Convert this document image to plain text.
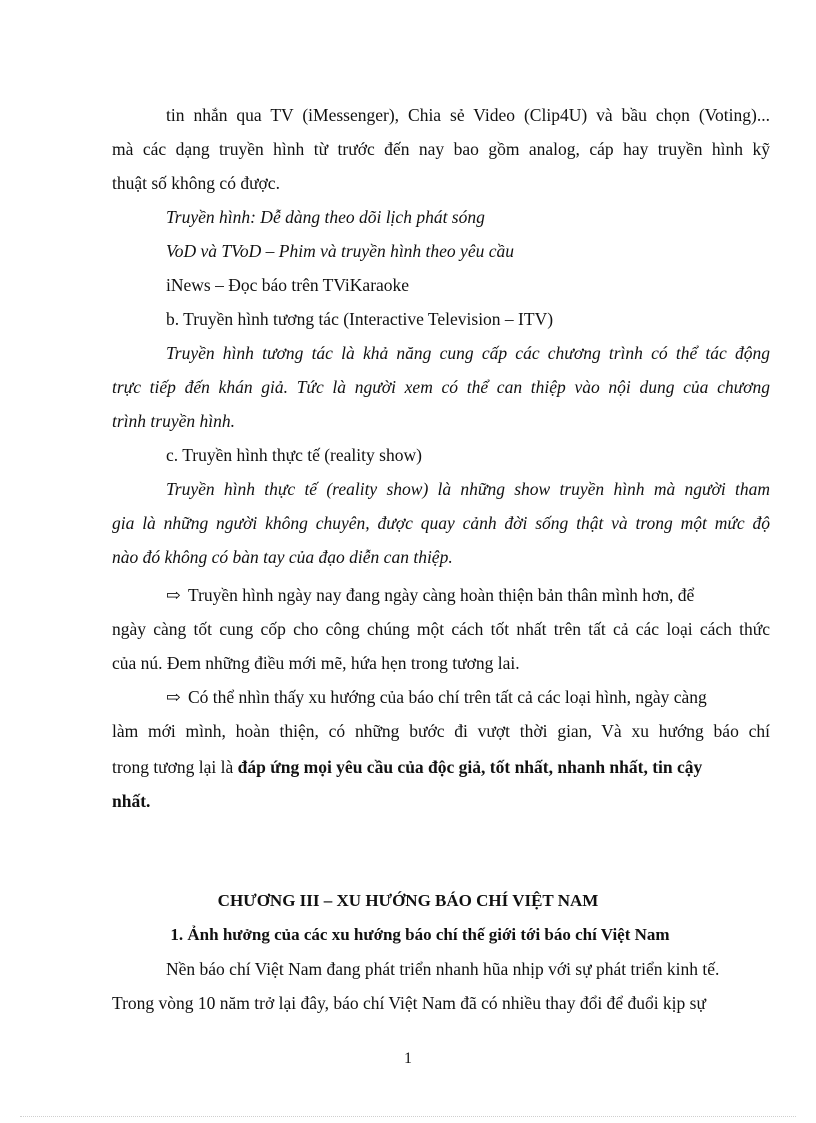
tin nhắn qua TV (iMessenger), Chia sẻ Video (Clip4U) và bầu chọn (Voting)...
mà các dạng truyền hình từ trước đến nay bao gồm analog, cáp hay truyền hình kỹ
thuật số không có được.
Truyền hình: Dễ dàng theo dõi lịch phát sóng
VoD và TVoD – Phim và truyền hình theo yêu cầu
iNews – Đọc báo trên TViKaraoke
b. Truyền hình tương tác (Interactive Television – ITV)
Truyền hình tương tác là khả năng cung cấp các chương trình có thể tác động
trực tiếp đến khán giả. Tức là người xem có thể can thiệp vào nội dung của chương
trình truyền hình.
c. Truyền hình thực tế (reality show)
Truyền hình thực tế (reality show) là những show truyền hình mà người tham
gia là những người không chuyên, được quay cảnh đời sống thật và trong một mức độ
nào đó không có bàn tay của đạo diễn can thiệp.
⇨ Truyền hình ngày nay đang ngày càng hoàn thiện bản thân mình hơn, để
ngày càng tốt cung cốp cho công chúng một cách tốt nhất trên tất cả các loại cách thức
của nú. Đem những điều mới mẽ, hứa hẹn trong tương lai.
⇨ Có thể nhìn thấy xu hướng của báo chí trên tất cả các loại hình, ngày càng
làm mới mình, hoàn thiện, có những bước đi vượt thời gian, Và xu hướng báo chí
trong tương lại là đáp ứng mọi yêu cầu của độc giả, tốt nhất, nhanh nhất, tin cậy
nhất.
CHƯƠNG III – XU HƯỚNG BÁO CHÍ VIỆT NAM
1. Ảnh hưởng của các xu hướng báo chí thế giới tới báo chí Việt Nam
Nền báo chí Việt Nam đang phát triển nhanh hũa nhịp với sự phát triển kinh tế.
Trong vòng 10 năm trở lại đây, báo chí Việt Nam đã có nhiều thay đổi để đuổi kịp sự
1
